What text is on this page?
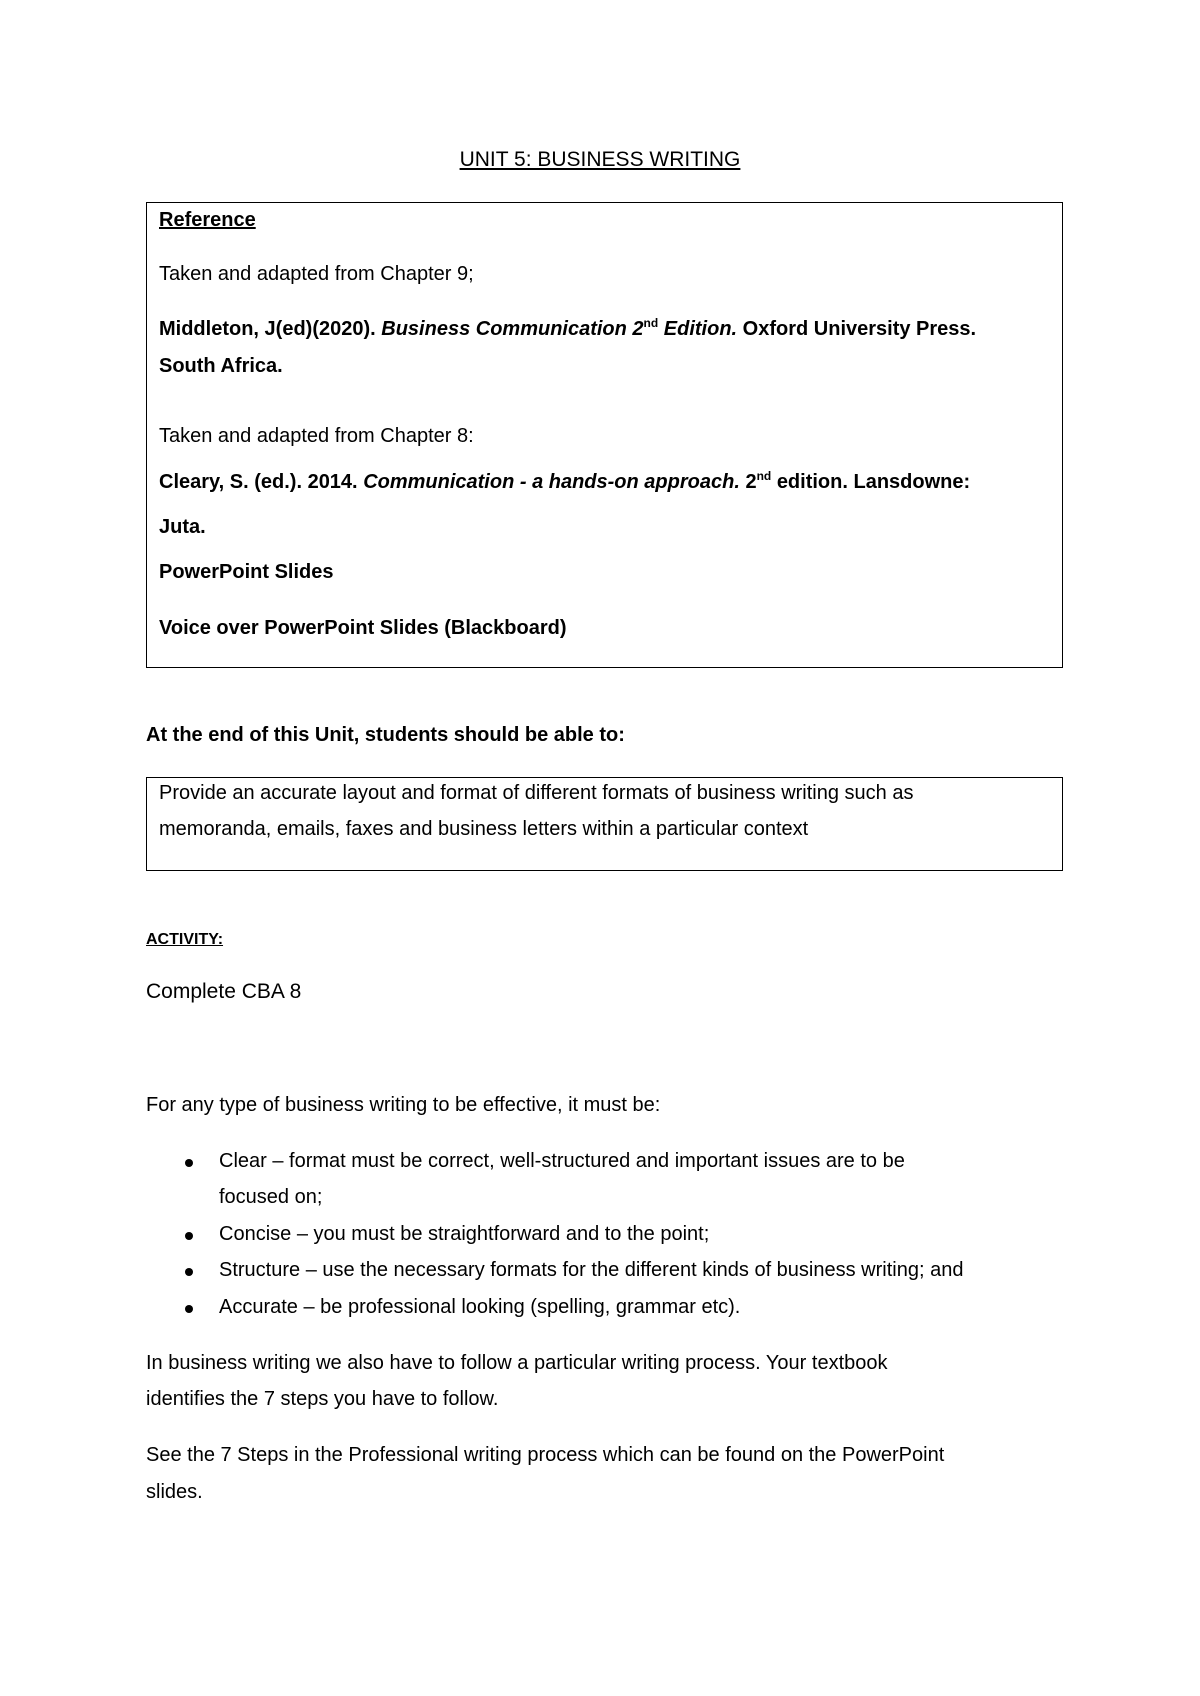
UNIT 5: BUSINESS WRITING
Reference
Taken and adapted from Chapter 9;
Middleton, J(ed)(2020). Business Communication 2nd Edition. Oxford University Press.
South Africa.
Taken and adapted from Chapter 8:
Cleary, S. (ed.). 2014. Communication - a hands-on approach. 2nd edition. Lansdowne:
Juta.
PowerPoint Slides
Voice over PowerPoint Slides (Blackboard)
At the end of this Unit, students should be able to:
Provide an accurate layout and format of different formats of business writing such as
memoranda, emails, faxes and business letters within a particular context
ACTIVITY:
Complete CBA 8
For any type of business writing to be effective, it must be:
Clear – format must be correct, well-structured and important issues are to be
focused on;
Concise – you must be straightforward and to the point;
Structure – use the necessary formats for the different kinds of business writing; and
Accurate – be professional looking (spelling, grammar etc).
In business writing we also have to follow a particular writing process. Your textbook
identifies the 7 steps you have to follow.
See the 7 Steps in the Professional writing process which can be found on the PowerPoint
slides.
